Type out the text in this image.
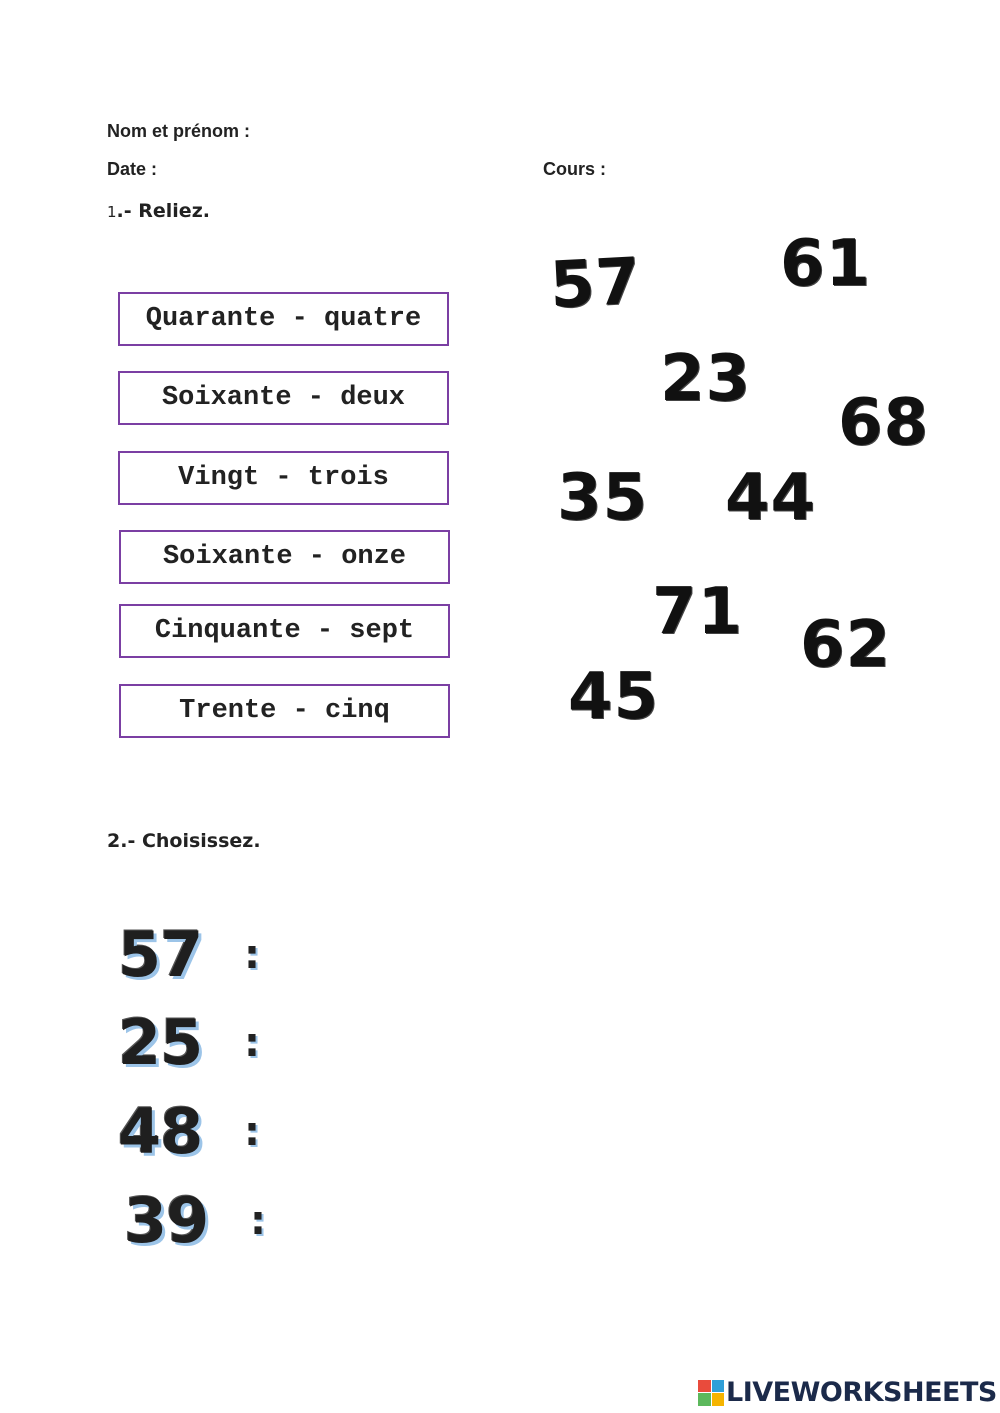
Nom et prénom :
Date :	Cours :
1.- Reliez.
Quarante - quatre
Soixante - deux
Vingt - trois
Soixante - onze
Cinquante - sept
Trente - cinq
57 61
23
68
35 44
71 62
45
2.- Choisissez.
57	:
25	:
48	:
39	:
LIVEWORKSHEETS
